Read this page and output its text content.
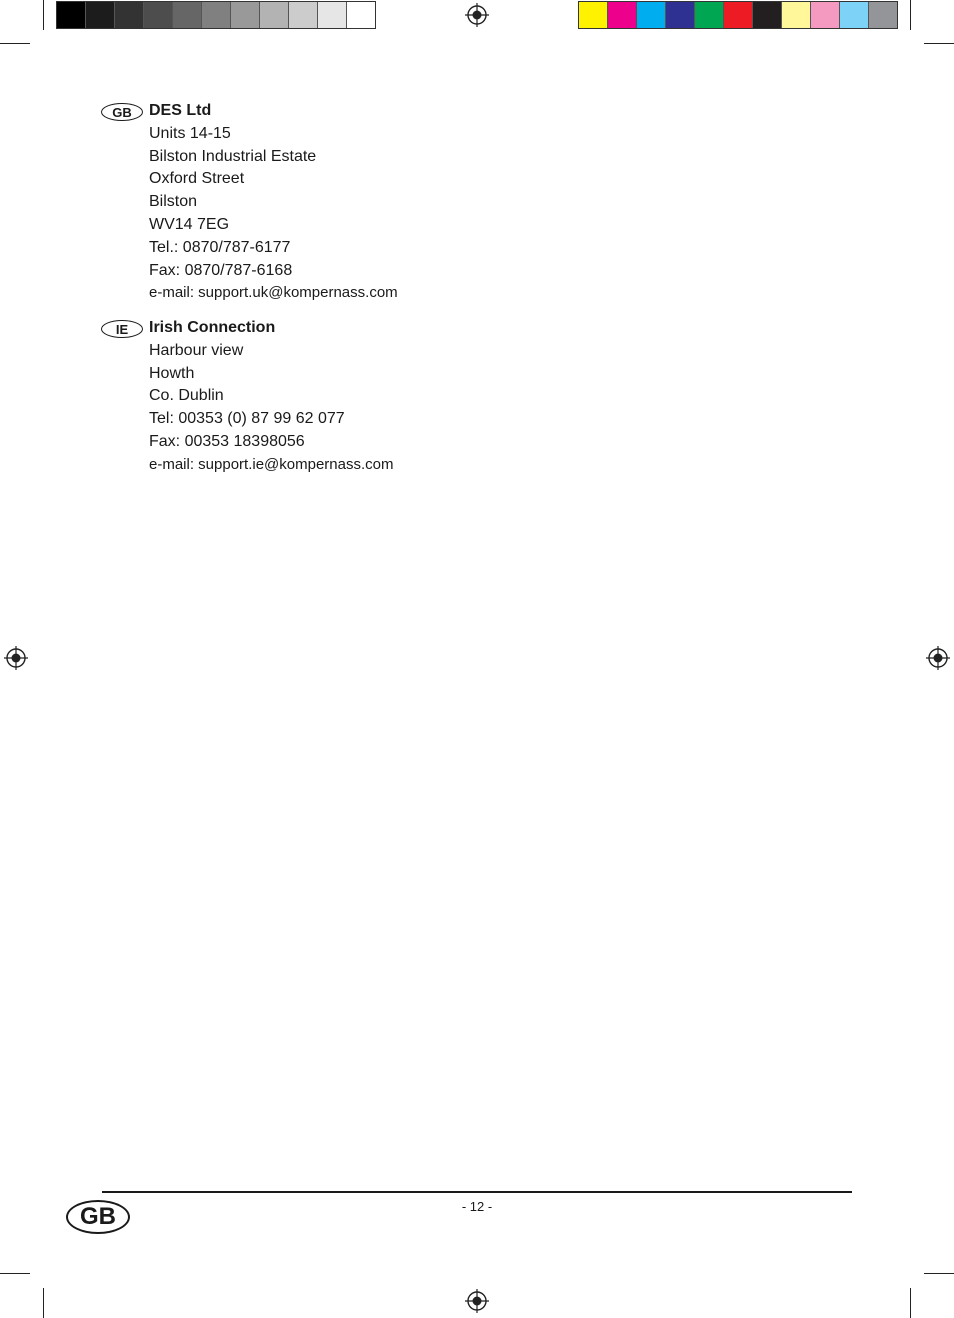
GB	DES Ltd
Units 14-15
Bilston Industrial Estate
Oxford Street
Bilston
WV14 7EG
Tel.: 0870/787-6177
Fax: 0870/787-6168
e-mail: support.uk@kompernass.com
IE	Irish Connection
Harbour view
Howth
Co. Dublin
Tel: 00353 (0) 87 99 62 077
Fax: 00353 18398056
e-mail: support.ie@kompernass.com
- 12 -
GB
